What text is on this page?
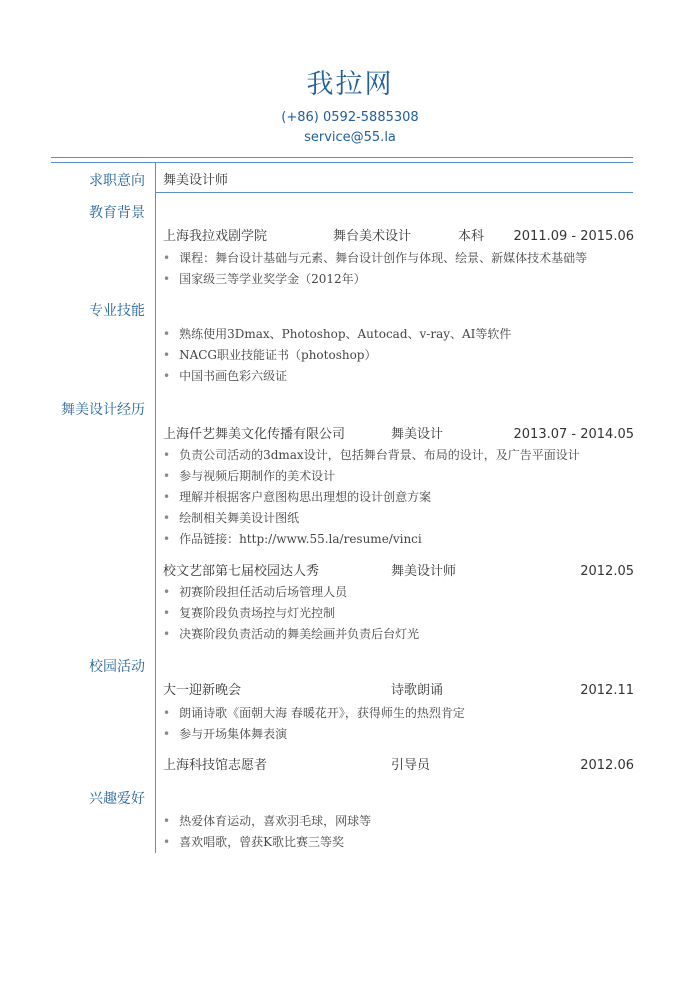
我拉网
(+86) 0592-5885308
service@55.la
求职意向 舞美设计师
教育背景
上海我拉戏剧学院	舞台美术设计	本科 2011.09 - 2015.06
• 课程：舞台设计基础与元素、舞台设计创作与体现、绘景、新媒体技术基础等
• 国家级三等学业奖学金（2012年）
专业技能
• 熟练使用3Dmax、Photoshop、Autocad、v-ray、AI等软件
• NACG职业技能证书（photoshop）
• 中国书画色彩六级证
舞美设计经历
上海仟艺舞美文化传播有限公司	舞美设计	2013.07 - 2014.05
• 负责公司活动的3dmax设计，包括舞台背景、布局的设计，及广告平面设计
• 参与视频后期制作的美术设计
• 理解并根据客户意图构思出理想的设计创意方案
• 绘制相关舞美设计图纸
• 作品链接：http://www.55.la/resume/vinci
校文艺部第七届校园达人秀	舞美设计师	2012.05
• 初赛阶段担任活动后场管理人员
• 复赛阶段负责场控与灯光控制
• 决赛阶段负责活动的舞美绘画并负责后台灯光
校园活动
大一迎新晚会	诗歌朗诵	2012.11
• 朗诵诗歌《面朝大海 春暖花开》，获得师生的热烈肯定
• 参与开场集体舞表演
上海科技馆志愿者	引导员	2012.06
兴趣爱好
• 热爱体育运动，喜欢羽毛球，网球等
• 喜欢唱歌，曾获K歌比赛三等奖
